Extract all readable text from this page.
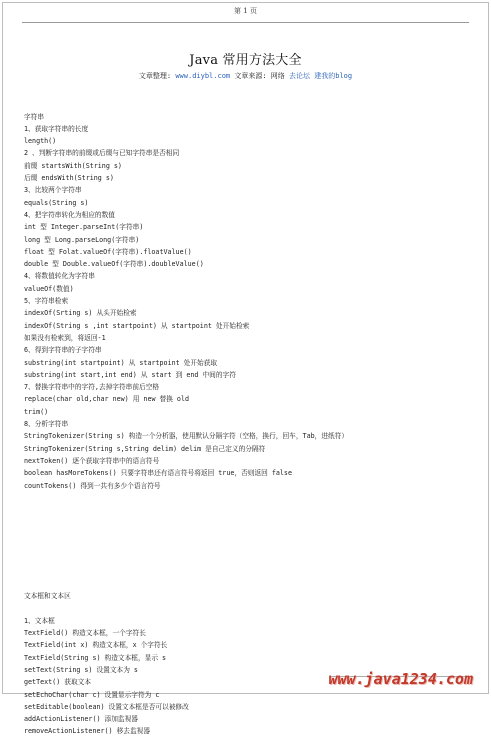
第 1 页
Java 常用方法大全
文章整理: www.diybl.com 文章来源: 网络 去论坛 建我的blog

字符串
1、获取字符串的长度
length()
2 、判断字符串的前缀或后缀与已知字符串是否相同
前缀 startsWith(String s)
后缀 endsWith(String s)
3、比较两个字符串
equals(String s)
4、把字符串转化为相应的数值
int 型 Integer.parseInt(字符串)
long 型 Long.parseLong(字符串)
float 型 Folat.valueOf(字符串).floatValue()
double 型 Double.valueOf(字符串).doubleValue()
4、将数值转化为字符串
valueOf(数值)
5、字符串检索
indexOf(Srting s) 从头开始检索
indexOf(String s ,int startpoint) 从 startpoint 处开始检索
如果没有检索到，将返回-1
6、得到字符串的子字符串
substring(int startpoint) 从 startpoint 处开始获取
substring(int start,int end) 从 start 到 end 中间的字符
7、替换字符串中的字符,去掉字符串前后空格
replace(char old,char new) 用 new 替换 old
trim()
8、分析字符串
StringTokenizer(String s) 构造一个分析器，使用默认分隔字符（空格，换行，回车，Tab，进纸符）
StringTokenizer(String s,String delim) delim 是自己定义的分隔符
nextToken() 逐个获取字符串中的语言符号
boolean hasMoreTokens() 只要字符串还有语言符号将返回 true，否则返回 false
countTokens() 得到一共有多少个语言符号

文本框和文本区
1、文本框
TextField() 构造文本框，一个字符长
TextField(int x) 构造文本框，x 个字符长
TextField(String s) 构造文本框，显示 s
setText(String s) 设置文本为 s
getText() 获取文本
setEchoChar(char c) 设置显示字符为 c
setEditable(boolean) 设置文本框是否可以被修改
addActionListener() 添加监视器
removeActionListener() 移去监视器

www.java1234.com
